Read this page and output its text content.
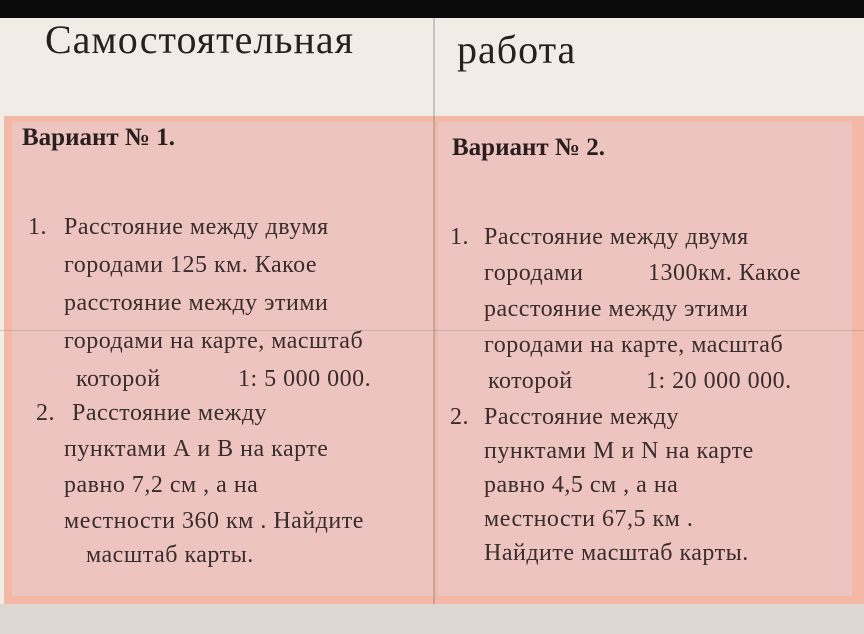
Самостоятельная	работа
Вариант № 1.
1. Расстояние между двумя
городами 125 км. Какое
расстояние между этими
городами на карте, масштаб
которой	1: 5 000 000.
2. Расстояние между
пунктами А и В на карте
равно 7,2 см , а на
местности 360 км . Найдите
масштаб карты.
Вариант № 2.
1. Расстояние между двумя
городами	1300км. Какое
расстояние между этими
городами на карте, масштаб
которой	1: 20 000 000.
2. Расстояние между
пунктами M и N на карте
равно 4,5 см , а на
местности 67,5 км .
Найдите масштаб карты.
